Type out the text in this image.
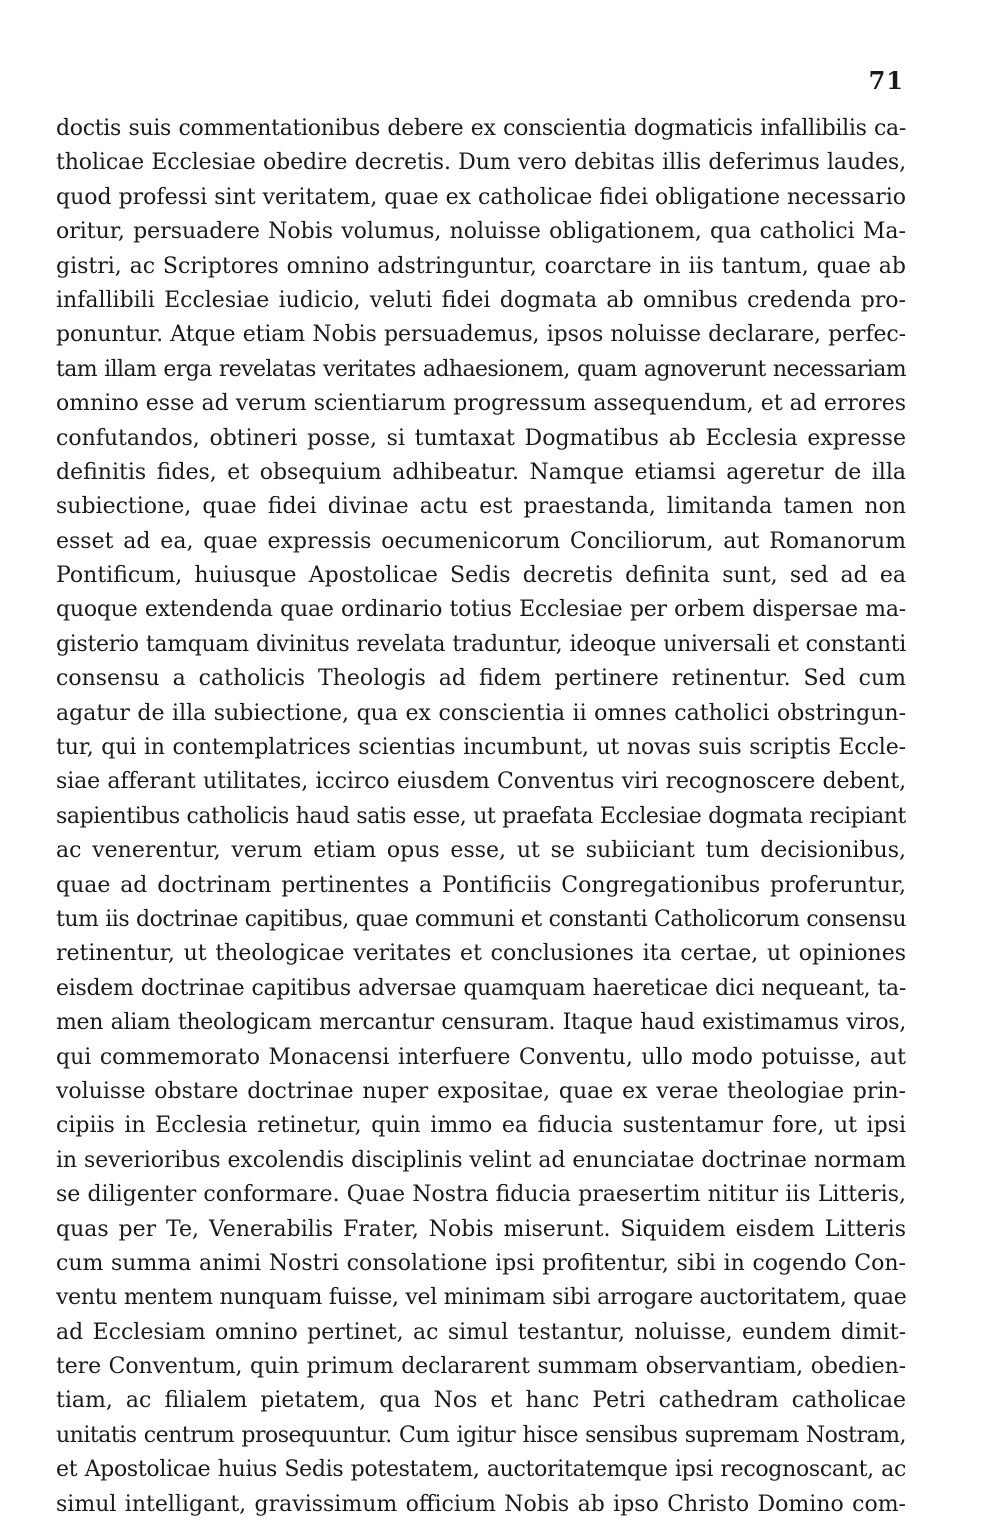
71
doctis suis commentationibus debere ex conscientia dogmaticis infallibilis ca-
tholicae Ecclesiae obedire decretis. Dum vero debitas illis deferimus laudes,
quod professi sint veritatem, quae ex catholicae fidei obligatione necessario
oritur, persuadere Nobis volumus, noluisse obligationem, qua catholici Ma-
gistri, ac Scriptores omnino adstringuntur, coarctare in iis tantum, quae ab
infallibili Ecclesiae iudicio, veluti fidei dogmata ab omnibus credenda pro-
ponuntur. Atque etiam Nobis persuademus, ipsos noluisse declarare, perfec-
tam illam erga revelatas veritates adhaesionem, quam agnoverunt necessariam
omnino esse ad verum scientiarum progressum assequendum, et ad errores
confutandos, obtineri posse, si tumtaxat Dogmatibus ab Ecclesia expresse
definitis fides, et obsequium adhibeatur. Namque etiamsi ageretur de illa
subiectione, quae fidei divinae actu est praestanda, limitanda tamen non
esset ad ea, quae expressis oecumenicorum Conciliorum, aut Romanorum
Pontificum, huiusque Apostolicae Sedis decretis definita sunt, sed ad ea
quoque extendenda quae ordinario totius Ecclesiae per orbem dispersae ma-
gisterio tamquam divinitus revelata traduntur, ideoque universali et constanti
consensu a catholicis Theologis ad fidem pertinere retinentur. Sed cum
agatur de illa subiectione, qua ex conscientia ii omnes catholici obstringun-
tur, qui in contemplatrices scientias incumbunt, ut novas suis scriptis Eccle-
siae afferant utilitates, iccirco eiusdem Conventus viri recognoscere debent,
sapientibus catholicis haud satis esse, ut praefata Ecclesiae dogmata recipiant
ac venerentur, verum etiam opus esse, ut se subiiciant tum decisionibus,
quae ad doctrinam pertinentes a Pontificiis Congregationibus proferuntur,
tum iis doctrinae capitibus, quae communi et constanti Catholicorum consensu
retinentur, ut theologicae veritates et conclusiones ita certae, ut opiniones
eisdem doctrinae capitibus adversae quamquam haereticae dici nequeant, ta-
men aliam theologicam mercantur censuram. Itaque haud existimamus viros,
qui commemorato Monacensi interfuere Conventu, ullo modo potuisse, aut
voluisse obstare doctrinae nuper expositae, quae ex verae theologiae prin-
cipiis in Ecclesia retinetur, quin immo ea fiducia sustentamur fore, ut ipsi
in severioribus excolendis disciplinis velint ad enunciatae doctrinae normam
se diligenter conformare. Quae Nostra fiducia praesertim nititur iis Litteris,
quas per Te, Venerabilis Frater, Nobis miserunt. Siquidem eisdem Litteris
cum summa animi Nostri consolatione ipsi profitentur, sibi in cogendo Con-
ventu mentem nunquam fuisse, vel minimam sibi arrogare auctoritatem, quae
ad Ecclesiam omnino pertinet, ac simul testantur, noluisse, eundem dimit-
tere Conventum, quin primum declararent summam observantiam, obedien-
tiam, ac filialem pietatem, qua Nos et hanc Petri cathedram catholicae
unitatis centrum prosequuntur. Cum igitur hisce sensibus supremam Nostram,
et Apostolicae huius Sedis potestatem, auctoritatemque ipsi recognoscant, ac
simul intelligant, gravissimum officium Nobis ab ipso Christo Domino com-
